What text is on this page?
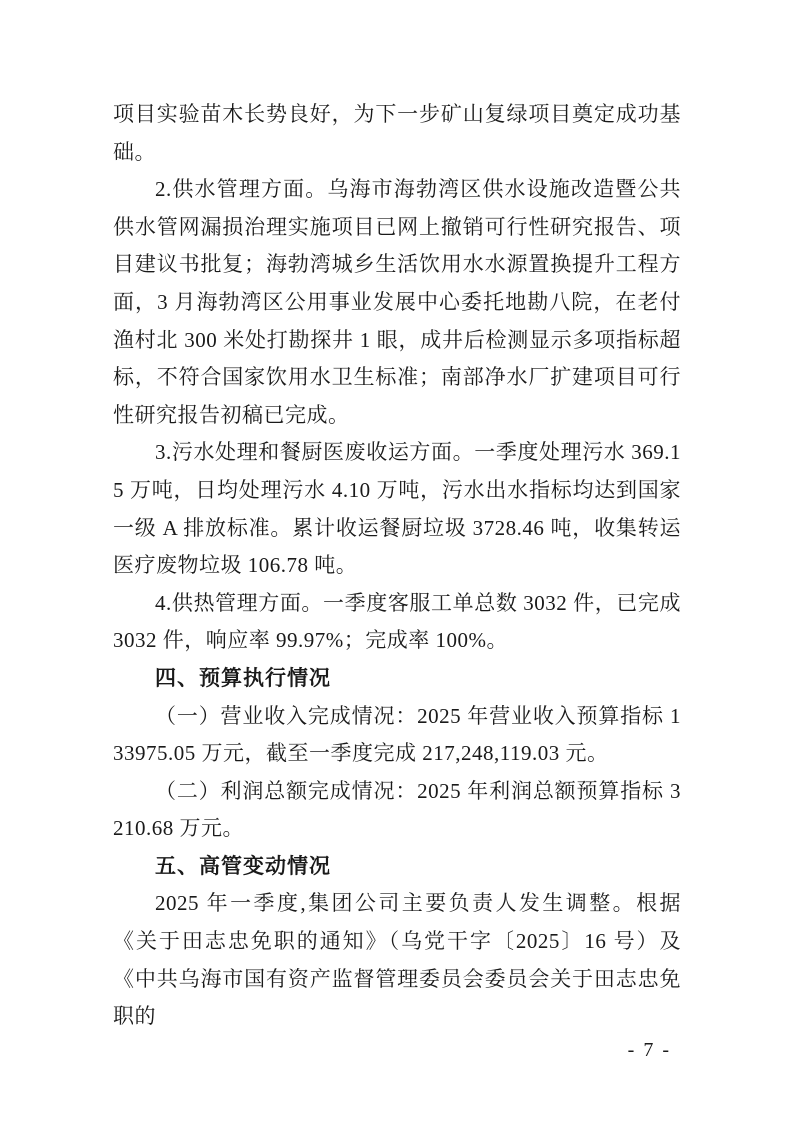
项目实验苗木长势良好，为下一步矿山复绿项目奠定成功基础。

2.供水管理方面。乌海市海勃湾区供水设施改造暨公共供水管网漏损治理实施项目已网上撤销可行性研究报告、项目建议书批复；海勃湾城乡生活饮用水水源置换提升工程方面，3 月海勃湾区公用事业发展中心委托地勘八院，在老付渔村北 300 米处打勘探井 1 眼，成井后检测显示多项指标超标，不符合国家饮用水卫生标准；南部净水厂扩建项目可行性研究报告初稿已完成。

3.污水处理和餐厨医废收运方面。一季度处理污水 369.15 万吨，日均处理污水 4.10 万吨，污水出水指标均达到国家一级 A 排放标准。累计收运餐厨垃圾 3728.46 吨，收集转运医疗废物垃圾 106.78 吨。

4.供热管理方面。一季度客服工单总数 3032 件，已完成 3032 件，响应率 99.97%；完成率 100%。

四、预算执行情况

（一）营业收入完成情况：2025 年营业收入预算指标 133975.05 万元，截至一季度完成 217,248,119.03 元。

（二）利润总额完成情况：2025 年利润总额预算指标 3210.68 万元。

五、高管变动情况

2025 年一季度,集团公司主要负责人发生调整。根据《关于田志忠免职的通知》（乌党干字〔2025〕16 号）及《中共乌海市国有资产监督管理委员会委员会关于田志忠免职的

- 7 -
